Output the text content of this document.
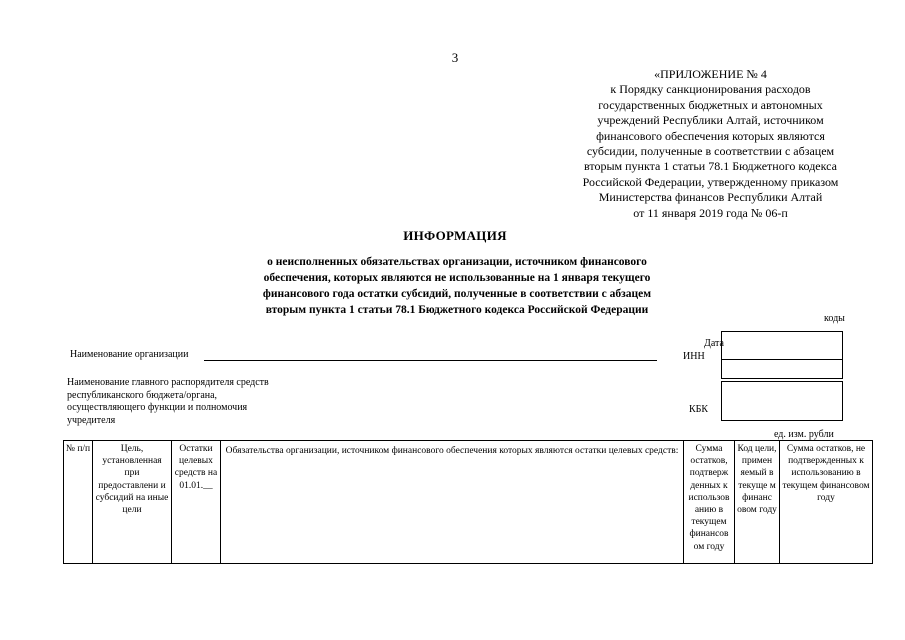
3
«ПРИЛОЖЕНИЕ № 4
к Порядку санкционирования расходов
государственных бюджетных и автономных
учреждений Республики Алтай, источником
финансового обеспечения которых являются
субсидии, полученные в соответствии с абзацем
вторым пункта 1 статьи 78.1 Бюджетного кодекса
Российской Федерации, утвержденному приказом
Министерства финансов Республики Алтай
от 11 января 2019 года № 06-п
ИНФОРМАЦИЯ
о неисполненных обязательствах организации, источником финансового
обеспечения, которых являются не использованные на 1 января текущего
финансового года остатки субсидий, полученные в соответствии с абзацем
вторым пункта 1 статьи 78.1 Бюджетного кодекса Российской Федерации
коды
Дата
ИНН
КБК
Наименование организации
Наименование главного распорядителя средств
республиканского бюджета/органа,
осуществляющего функции и полномочия
учредителя
ед. изм. рубли
№ п/п	Цель, установленная при предоставлени и субсидий на иные цели	Остатки целевых средств на 01.01.__	Обязательства организации, источником финансового обеспечения которых являются остатки целевых средств:	Сумма остатков, подтверж денных к использов анию в текущем финансов ом году	Код цели, примен яемый в текуще м финанс овом году	Сумма остатков, не подтвержденных к использованию в текущем финансовом году
